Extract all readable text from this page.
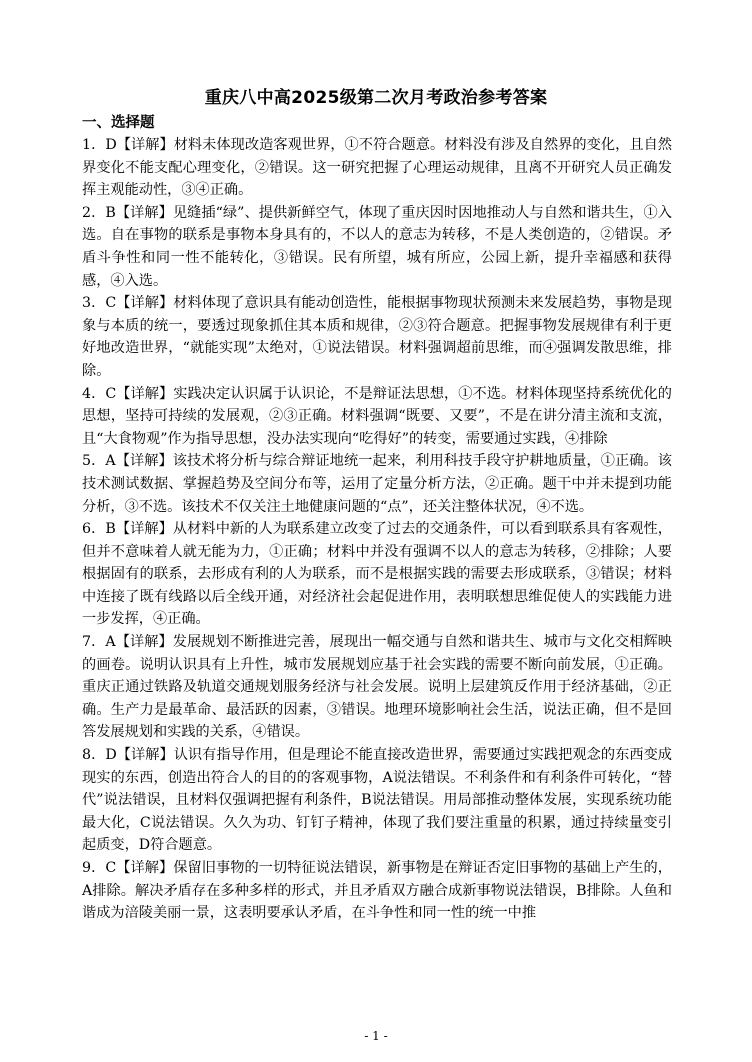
重庆八中高2025级第二次月考政治参考答案
一、选择题

1．D【详解】材料未体现改造客观世界，①不符合题意。材料没有涉及自然界的变化，且自然界变化不能支配心理变化，②错误。这一研究把握了心理运动规律，且离不开研究人员正确发挥主观能动性，③④正确。

2．B【详解】见缝插“绿”、提供新鲜空气，体现了重庆因时因地推动人与自然和谐共生，①入选。自在事物的联系是事物本身具有的，不以人的意志为转移，不是人类创造的，②错误。矛盾斗争性和同一性不能转化，③错误。民有所望，城有所应，公园上新，提升幸福感和获得感，④入选。

3．C【详解】材料体现了意识具有能动创造性，能根据事物现状预测未来发展趋势，事物是现象与本质的统一，要透过现象抓住其本质和规律，②③符合题意。把握事物发展规律有利于更好地改造世界，“就能实现”太绝对，①说法错误。材料强调超前思维，而④强调发散思维，排除。

4．C【详解】实践决定认识属于认识论，不是辩证法思想，①不选。材料体现坚持系统优化的思想，坚持可持续的发展观，②③正确。材料强调“既要、又要”，不是在讲分清主流和支流，且“大食物观”作为指导思想，没办法实现向“吃得好”的转变，需要通过实践，④排除

5．A【详解】该技术将分析与综合辩证地统一起来，利用科技手段守护耕地质量，①正确。该技术测试数据、掌握趋势及空间分布等，运用了定量分析方法，②正确。题干中并未提到功能分析，③不选。该技术不仅关注土地健康问题的“点”，还关注整体状况，④不选。

6．B【详解】从材料中新的人为联系建立改变了过去的交通条件，可以看到联系具有客观性，但并不意味着人就无能为力，①正确；材料中并没有强调不以人的意志为转移，②排除；人要根据固有的联系，去形成有利的人为联系，而不是根据实践的需要去形成联系，③错误；材料中连接了既有线路以后全线开通，对经济社会起促进作用，表明联想思维促使人的实践能力进一步发挥，④正确。

7．A【详解】发展规划不断推进完善，展现出一幅交通与自然和谐共生、城市与文化交相辉映的画卷。说明认识具有上升性，城市发展规划应基于社会实践的需要不断向前发展，①正确。重庆正通过铁路及轨道交通规划服务经济与社会发展。说明上层建筑反作用于经济基础，②正确。生产力是最革命、最活跃的因素，③错误。地理环境影响社会生活，说法正确，但不是回答发展规划和实践的关系，④错误。

8．D【详解】认识有指导作用，但是理论不能直接改造世界，需要通过实践把观念的东西变成现实的东西，创造出符合人的目的的客观事物，A说法错误。不利条件和有利条件可转化，“替代”说法错误，且材料仅强调把握有利条件，B说法错误。用局部推动整体发展，实现系统功能最大化，C说法错误。久久为功、钉钉子精神，体现了我们要注重量的积累，通过持续量变引起质变，D符合题意。

9．C【详解】保留旧事物的一切特征说法错误，新事物是在辩证否定旧事物的基础上产生的，A排除。解决矛盾存在多种多样的形式，并且矛盾双方融合成新事物说法错误，B排除。人鱼和谐成为涪陵美丽一景，这表明要承认矛盾，在斗争性和同一性的统一中推

- 1 -
